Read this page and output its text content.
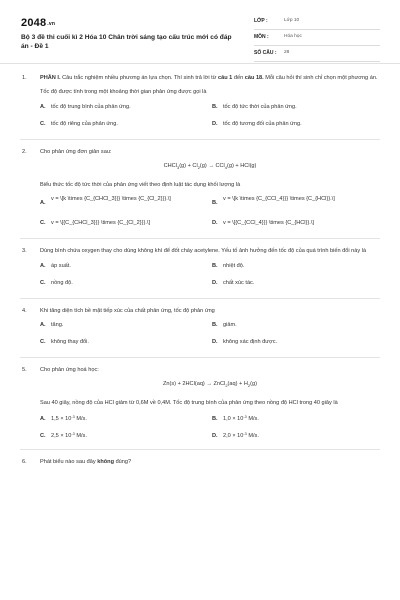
2048.vn
Bộ 3 đề thi cuối kì 2 Hóa 10 Chân trời sáng tạo cấu trúc mới có đáp án - Đề 1
LỚP :	Lớp 10
MÔN :	Hóa học
SỐ CÂU : 28
1. PHẦN I. Câu trắc nghiệm nhiều phương án lựa chọn. Thí sinh trả lời từ câu 1 đến câu 18. Mỗi câu hỏi thí sinh chỉ chọn một phương án.

Tốc độ được tính trong một khoảng thời gian phản ứng được gọi là

A. tốc độ trung bình của phản ứng.	B. tốc độ tức thời của phản ứng.
C. tốc độ riêng của phản ứng.	D. tốc độ tương đối của phản ứng.
2. Cho phản ứng đơn giản sau:

CHCl$_3$(g) + $Cl_2(g) \to CCl_4(g) + HCl(g)$

Biểu thức tốc độ tức thời của phản ứng viết theo định luật tác dụng khối lượng là

A.
v = \[k \times {C_{CHCl_3}}} \times {C_{Cl_2}}}.\]
B.
v = \[k \times {C_{CCl_4}}} \times {C_{HCl}}.\]
C. v = \[{C_{CHCl_3}}} \times {C_{Cl_2}}}.\]	D. v = \[{C_{CCl_4}}} \times {C_{HCl}}.\]
3. Dùng bình chứa oxygen thay cho dùng không khí để đốt cháy acetylene. Yếu tố ảnh hưởng đến tốc độ của quá trình biến đổi này là

A. áp suất.	B. nhiệt độ.
C. nồng độ.	D. chất xúc tác.
4. Khi tăng diện tích bề mặt tiếp xúc của chất phản ứng, tốc độ phản ứng

A. tăng.	B. giảm.
C. không thay đổi.	D. không xác định được.
5. Cho phản ứng hoá học:

Zn(s) + 2HCl(aq) → ZnCl$_2$(aq) + $H_2(g)$

Sau 40 giây, nồng độ của HCl giảm từ 0,6M về 0,4M. Tốc độ trung bình của phản ứng theo nồng độ HCl trong 40 giây là

A. $1,5 \times 10^{-3}$ M/s.	B. $1,0 \times 10^{-3}$ M/s.
C. $2,5 \times 10^{-3}$ M/s.	D. $2,0 \times 10^{-3}$ M/s.
6. Phát biểu nào sau đây không đúng?
